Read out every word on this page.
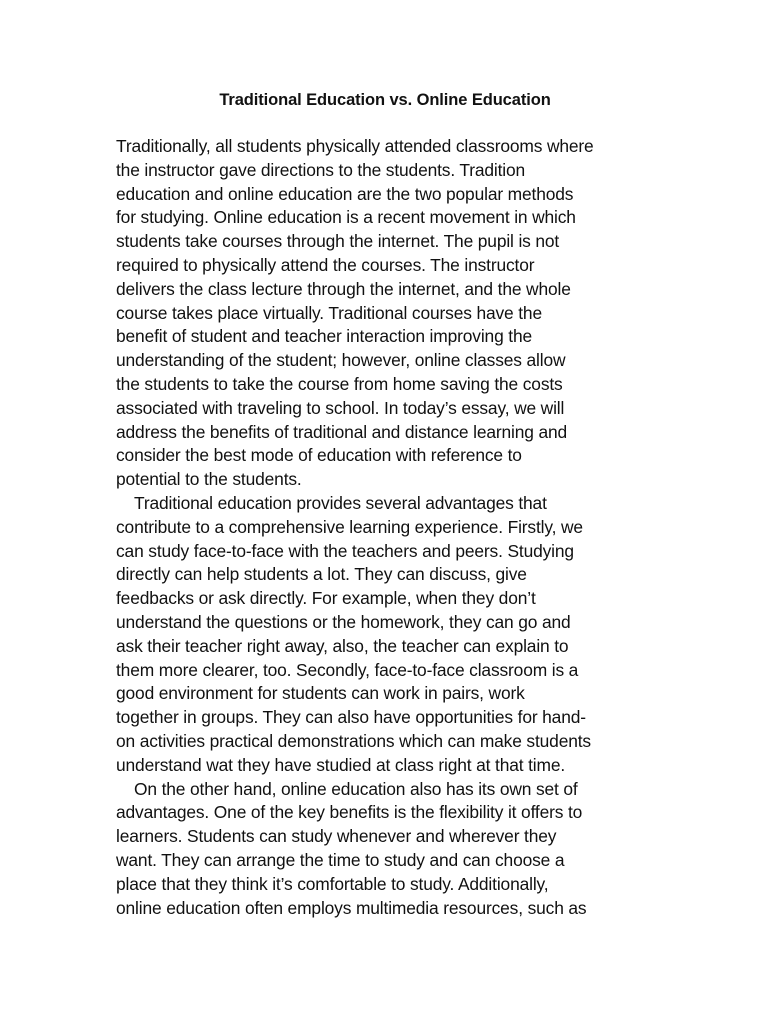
Traditional Education vs. Online Education
Traditionally, all students physically attended classrooms where
the instructor gave directions to the students. Tradition
education and online education are the two popular methods
for studying. Online education is a recent movement in which
students take courses through the internet. The pupil is not
required to physically attend the courses. The instructor
delivers the class lecture through the internet, and the whole
course takes place virtually. Traditional courses have the
benefit of student and teacher interaction improving the
understanding of the student; however, online classes allow
the students to take the course from home saving the costs
associated with traveling to school. In today’s essay, we will
address the benefits of traditional and distance learning and
consider the best mode of education with reference to
potential to the students.
Traditional education provides several advantages that
contribute to a comprehensive learning experience. Firstly, we
can study face-to-face with the teachers and peers. Studying
directly can help students a lot. They can discuss, give
feedbacks or ask directly. For example, when they don’t
understand the questions or the homework, they can go and
ask their teacher right away, also, the teacher can explain to
them more clearer, too. Secondly, face-to-face classroom is a
good environment for students can work in pairs, work
together in groups. They can also have opportunities for hand-
on activities practical demonstrations which can make students
understand wat they have studied at class right at that time.
On the other hand, online education also has its own set of
advantages. One of the key benefits is the flexibility it offers to
learners. Students can study whenever and wherever they
want. They can arrange the time to study and can choose a
place that they think it’s comfortable to study. Additionally,
online education often employs multimedia resources, such as
